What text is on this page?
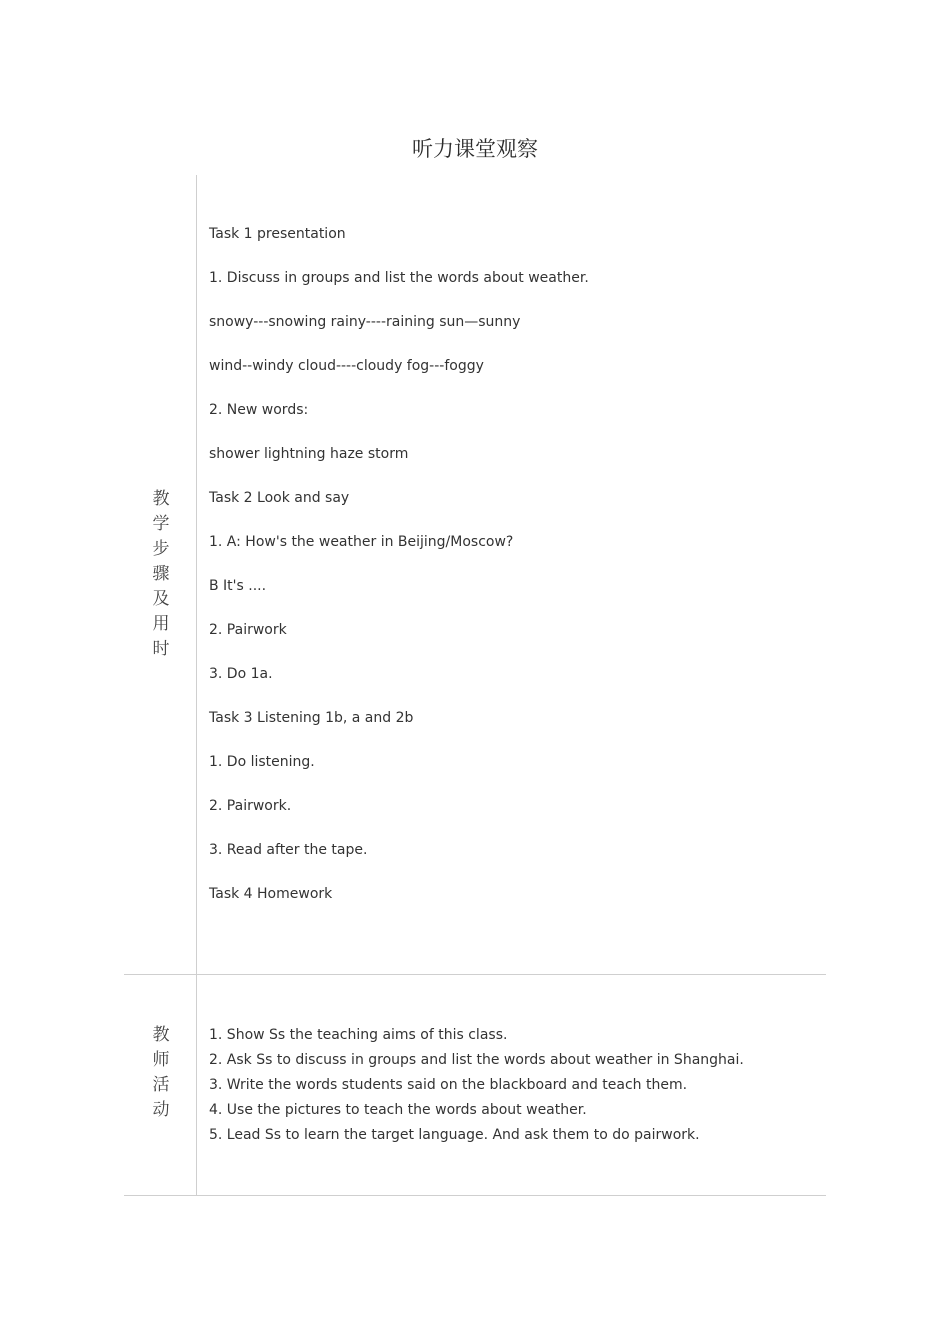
听力课堂观察
教
学
步
骤
及
用
时
Task 1 presentation
1. Discuss in groups and list the words about weather.
snowy---snowing rainy----raining sun—sunny
wind--windy cloud----cloudy fog---foggy
2. New words:
shower lightning haze storm
Task 2 Look and say
1. A: How's the weather in Beijing/Moscow?
B It's ....
2. Pairwork
3. Do 1a.
Task 3 Listening 1b, a and 2b
1. Do listening.
2. Pairwork.
3. Read after the tape.
Task 4 Homework
教
师
活
动
1. Show Ss the teaching aims of this class.
2. Ask Ss to discuss in groups and list the words about weather in Shanghai.
3. Write the words students said on the blackboard and teach them.
4. Use the pictures to teach the words about weather.
5. Lead Ss to learn the target language. And ask them to do pairwork.
